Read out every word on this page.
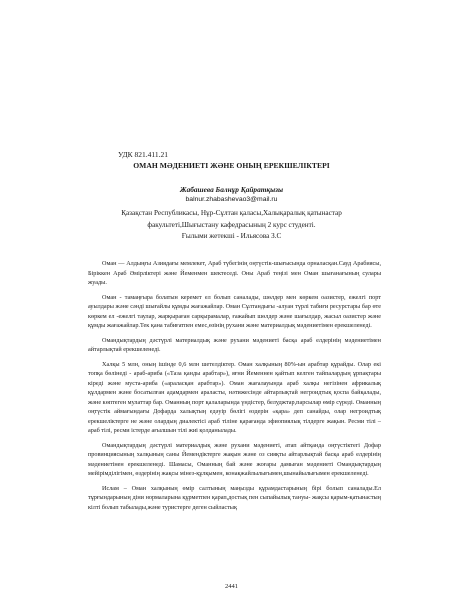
УДК 821.411.21
ОМАН МӘДЕНИЕТІ ЖӘНЕ ОНЫҢ ЕРЕКШЕЛІКТЕРІ
Жабашева Балнұр Қайратқызы
balnur.zhabashevao3@mail.ru
Қазақстан Республикасы, Нұр-Сұлтан қаласы,Халықаралық қатынастар
факультеті,Шығыстану кафедрасының 2 курс студенті.
Ғылыми жетекші - Ильясова З.С

Оман — Алдыңғы Азиядағы мемлекет, Араб түбегінің оңтүстік-шығысында орналасқан.Сауд Арабиясы, Біріккен Араб Әмірліктері және Йеменмен шектеседі. Оны Араб теңізі мен Оман шығанағының сулары жуады.

Оман - тамаңғыра болатын керемет ел болып саналады, шөлдер мен көркем оазистер, ежелгі порт ауылдары және сәнді шығайлы құмды жағажайлар. Оман Сұлтандығы -алуан түрлі табиғи ресурстары бар өте көркем ел -ежелгі таулар, жарқыраған сарқырамалар, ғажайып шөлдер және шағылдар, жасыл оазистер және құмды жағажайлар.Тек қана табиғатпен емес,өзінің рухани және материалдық мәдениетімен ерекшеленеді.

Омандықтардың дәстүрлі материалдық және рухани мәдениеті басқа араб елдерінің мәдениетімен айтарлықтай ерекшеленеді.

Халқы 5 млн, оның ішінде 0,6 млн шетелдіктер. Оман халқының 80%-ын арабтар құрайды. Олар екі топқа бөлінеді - араб-ариба («Таза қанды арабтар»), яғни Йеменнен қайтып келген тайпалардың ұрпақтары кіреді және муста-ариба («араласқан арабтар»). Оман жағалауында араб халқы негізінен африкалық құлдармен және босатылған адамдармен араласты, нәтижесінде айтарлықтай негроидтық қоспа байқалады, және көптеген мулаттар бар. Оманның порт қалаларында үндістер, белуджтар,парсылар өмір сүреді. Оманның оңтүстік аймағындағы Дофарда халықтың едәуір бөлігі өздерін «қара» деп санайды, олар негроидтық ерекшеліктерге не және олардың диалектісі араб тіліне қарағанда эфиопиялық тілдерге жақын. Ресми тілі – араб тілі, ресми істерде ағылшын тілі жиі қолданылады.

Омандықтардың дәстүрлі материалдық және рухани мәдениеті, атап айтқанда оңтүстіктегі Дофар провинциясының халқының саны Йемендіктерге жақын және оз сияқты айтарлықтай басқа араб елдерінің мәдениетінен ерекшеленеді. Шамасы, Оманның бай және жоғары дамыған мәдениеті Омандықтардың мейірімділігімен, өздерінің жақсы мінез-құлқымен, конақжайлылығымен,шынайылығымен ерекшеленеді.

Ислам – Оман халқының өмір салтының маңызды құрамдастарының бірі болып саналады.Ел тұрғындарының діни нормаларына құрметпен қарап,достық пен сыпайылық тануы- жақсы қарым-қатынастың кілті болып табылады,және туристерге деген сыйластық

2441
